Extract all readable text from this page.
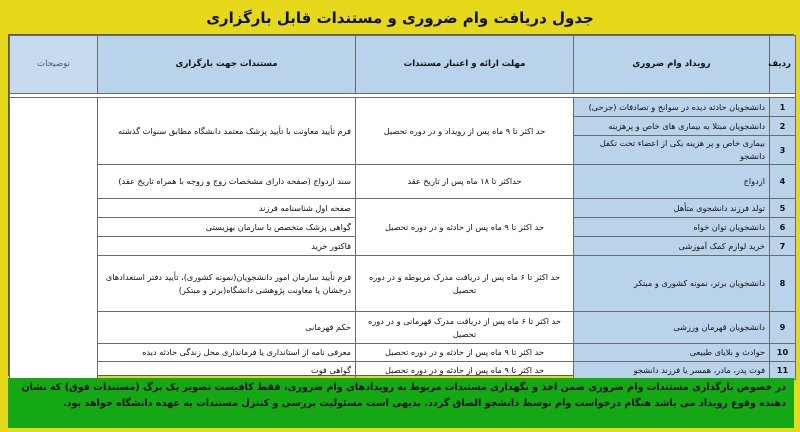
جدول دریافت وام ضروری و مستندات قابل بارگزاری
ردیف	رویداد وام ضروری	مهلت ارائه و اعتبار مستندات	مستندات جهت بارگزاری	توضیحات

1	دانشجویان حادثه دیده در سوانح و تصادفات (جرحی)	حد اکثر تا ۹ ماه پس از رویداد و در دوره تحصیل	فرم تأیید معاونت با تأیید پزشک معتمد دانشگاه مطابق سنوات گذشته	
2	دانشجویان مبتلا به بیماری های خاص و پرهزینه			
3	بیماری خاص و پر هزینه یکی از اعضاء تحت تکفل دانشجو			
4	ازدواج	حداکثر تا ۱۸ ماه پس از تاریخ عقد	سند ازدواج (صفحه دارای مشخصات زوج و زوجه با همراه تاریخ عقد)	
5	تولد فرزند دانشجوی متأهل	حد اکثر تا ۹ ماه پس از حادثه و در دوره تحصیل	صفحه اول شناسنامه فرزند	
6	دانشجویان توان خواه		گواهی پزشک متخصص یا سازمان بهزیستی	
7	خرید لوازم کمک آموزشی		فاکتور خرید	
8	دانشجویان برتر، نمونه کشوری و مبتکر	حد اکثر تا ۶ ماه پس از دریافت مدرک مربوطه و در دوره تحصیل	فرم تأیید سازمان امور دانشجویان(نمونه کشوری)، تأیید دفتر استعدادهای درخشان یا معاونت پژوهشی دانشگاه(برتر و مبتکر)	
9	دانشجویان قهرمان ورزشی	حد اکثر تا ۶ ماه پس از دریافت مدرک قهرمانی و در دوره تحصیل	حکم قهرمانی	
10	حوادث و بلایای طبیعی	حد اکثر تا ۹ ماه پس از حادثه و در دوره تحصیل	معرفی نامه از استانداری یا فرمانداری محل زندگی حادثه دیده	
11	فوت پدر، مادر، همسر یا فرزند دانشجو	حد اکثر تا ۹ ماه پس از حادثه و در دوره تحصیل	گواهی فوت	
در خصوص بارگذاری مستندات وام ضروری ضمن اخذ و نگهداری مستندات مربوط به رویدادهای وام ضروری، فقط کافیست تصویر یک برگ (مستندات فوق) که نشان دهنده وقوع رویداد می باشد هنگام درخواست وام توسط دانشجو الصاق گردد. بدیهی است مسئولیت بررسی و کنترل مستندات به عهده دانشگاه خواهد بود.
